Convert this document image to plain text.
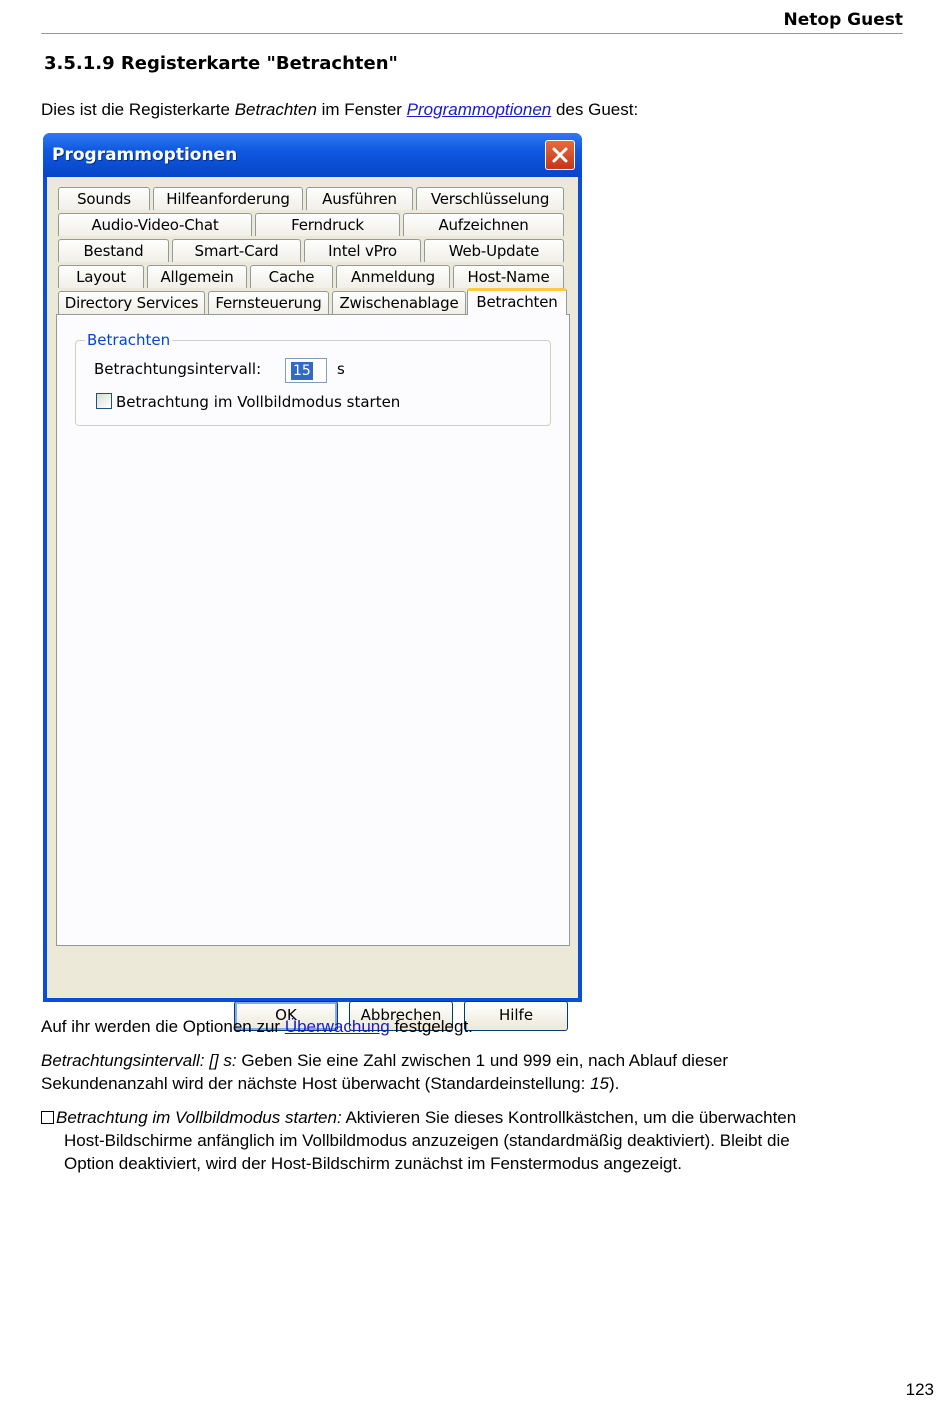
Netop Guest
3.5.1.9 Registerkarte "Betrachten"
Dies ist die Registerkarte Betrachten im Fenster Programmoptionen des Guest:
Programmoptionen
Sounds	Hilfeanforderung	Ausführen	Verschlüsselung
Audio-Video-Chat	Ferndruck	Aufzeichnen
Bestand	Smart-Card	Intel vPro	Web-Update
Layout	Allgemein	Cache	Anmeldung	Host-Name
Directory Services	Fernsteuerung	Zwischenablage	Betrachten
Betrachten
Betrachtungsintervall: 15 s
Betrachtung im Vollbildmodus starten
OK	Abbrechen	Hilfe
Auf ihr werden die Optionen zur Überwachung festgelegt.
Betrachtungsintervall: [] s: Geben Sie eine Zahl zwischen 1 und 999 ein, nach Ablauf dieser
Sekundenanzahl wird der nächste Host überwacht (Standardeinstellung: 15).
Betrachtung im Vollbildmodus starten: Aktivieren Sie dieses Kontrollkästchen, um die überwachten
Host-Bildschirme anfänglich im Vollbildmodus anzuzeigen (standardmäßig deaktiviert). Bleibt die
Option deaktiviert, wird der Host-Bildschirm zunächst im Fenstermodus angezeigt.
123
